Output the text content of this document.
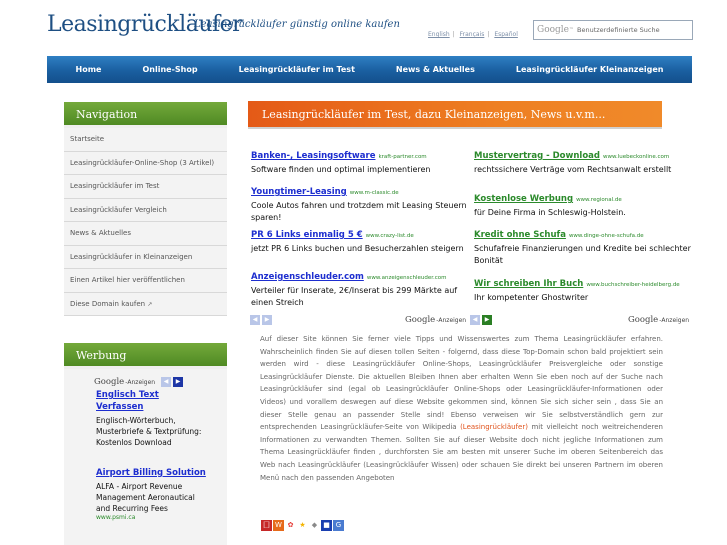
Leasingrückläufer
Leasingrückläufer günstig online kaufen
English | Français | Español	Google ™ Benutzerdefinierte Suche
Home	Online-Shop	Leasingrückläufer im Test	News & Aktuelles	Leasingrückläufer Kleinanzeigen
Navigation
Startseite
Leasingrückläufer-Online-Shop (3 Artikel)
Leasingrückläufer im Test
Leasingrückläufer Vergleich
News & Aktuelles
Leasingrückläufer in Kleinanzeigen
Einen Artikel hier veröffentlichen
Diese Domain kaufen ↗
Werbung
Google - Anzeigen	◀	▶
Englisch Text Verfassen
Englisch-Wörterbuch, Musterbriefe & Textprüfung: Kostenlos Download
Airport Billing Solution
ALFA - Airport Revenue Management Aeronautical and Recurring Fees
www.psmi.ca
Leasingrückläufer im Test, dazu Kleinanzeigen, News u.v.m...
Banken-, Leasingsoftware kraft-partner.com
Software finden und optimal implementieren
Youngtimer-Leasing www.m-classic.de
Coole Autos fahren und trotzdem mit Leasing Steuern sparen!
PR 6 Links einmalig 5 € www.crazy-list.de
jetzt PR 6 Links buchen und Besucherzahlen steigern
Anzeigenschleuder.com www.anzeigenschleuder.com
Verteiler für Inserate, 2€/Inserat bis 299 Märkte auf einen Streich
Mustervertrag - Download www.luebeckonline.com
rechtssichere Verträge vom Rechtsanwalt erstellt
Kostenlose Werbung www.regional.de
für Deine Firma in Schleswig-Holstein.
Kredit ohne Schufa www.dinge-ohne-schufa.de
Schufafreie Finanzierungen und Kredite bei schlechter Bonität
Wir schreiben Ihr Buch www.buchschreiber-heidelberg.de
Ihr kompetenter Ghostwriter
◀	▶	Google - Anzeigen	◀	▶	Google - Anzeigen
Auf dieser Site können Sie ferner viele Tipps und Wissenswertes zum Thema Leasingrückläufer erfahren. Wahrscheinlich finden Sie auf diesen tollen Seiten - folgernd, dass diese Top-Domain schon bald projektiert sein werden wird - diese Leasingrückläufer Online-Shops, Leasingrückläufer Preisvergleiche oder sonstige Leasingrückläufer Dienste. Die aktuellen Bleiben Ihnen aber erhalten Wenn Sie eben noch auf der Suche nach Leasingrückläufer sind (egal ob Leasingrückläufer Online-Shops oder Leasingrückläufer-Informationen oder Videos) und vorallem deswegen auf diese Website gekommen sind, können Sie sich sicher sein , dass Sie an dieser Stelle genau an passender Stelle sind! Ebenso verweisen wir Sie selbstverständlich gern zur entsprechenden Leasingrückläufer-Seite von Wikipedia (Leasingrückläufer) mit vielleicht noch weitreichenderen Informationen zu verwandten Themen. Sollten Sie auf dieser Website doch nicht jegliche Informationen zum Thema Leasingrückläufer finden , durchforsten Sie am besten mit unserer Suche im oberen Seitenbereich das Web nach Leasingrückläufer (Leasingrückläufer Wissen) oder schauen Sie direkt bei unseren Partnern im oberen Menü nach den passenden Angeboten
囗 W ✿ ★ ◆ ■ G
